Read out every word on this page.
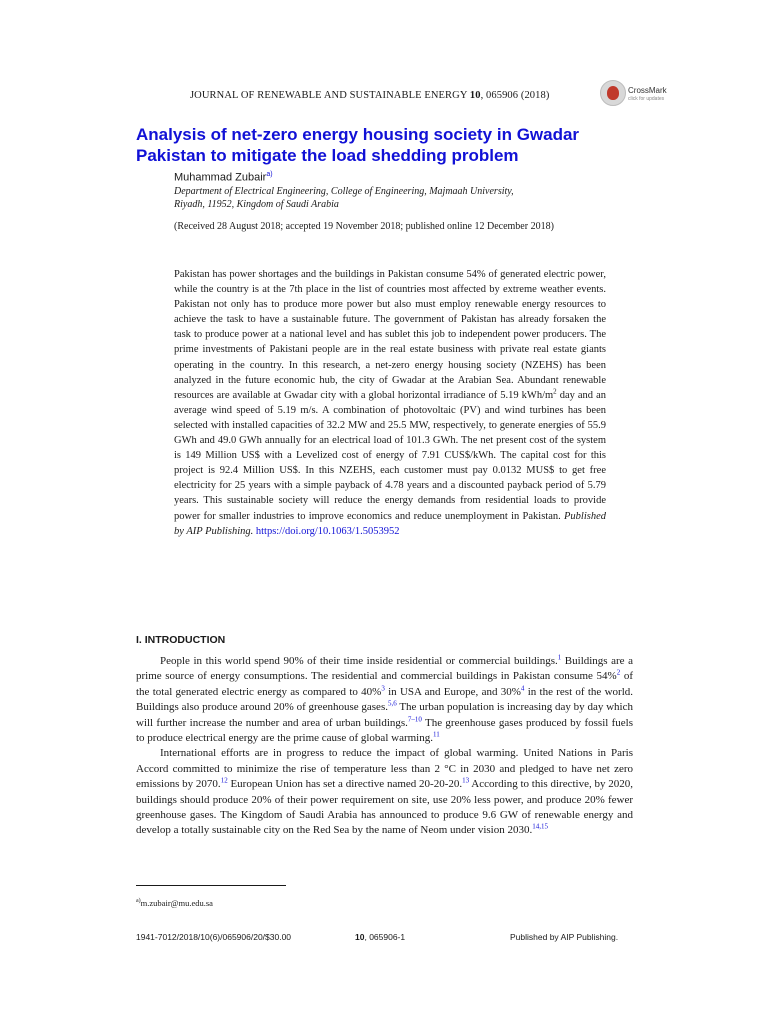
JOURNAL OF RENEWABLE AND SUSTAINABLE ENERGY 10, 065906 (2018)	CrossMark
click for updates
Analysis of net-zero energy housing society in Gwadar Pakistan to mitigate the load shedding problem
Muhammad Zubair$^{a)}$
Department of Electrical Engineering, College of Engineering, Majmaah University,
Riyadh, 11952, Kingdom of Saudi Arabia
(Received 28 August 2018; accepted 19 November 2018; published online 12 December 2018)
Pakistan has power shortages and the buildings in Pakistan consume 54% of generated electric power, while the country is at the 7th place in the list of countries most affected by extreme weather events. Pakistan not only has to produce more power but also must employ renewable energy resources to achieve the task to have a sustainable future. The government of Pakistan has already forsaken the task to produce power at a national level and has sublet this job to independent power producers. The prime investments of Pakistani people are in the real estate business with private real estate giants operating in the country. In this research, a net-zero energy housing society (NZEHS) has been analyzed in the future economic hub, the city of Gwadar at the Arabian Sea. Abundant renewable resources are available at Gwadar city with a global horizontal irradiance of 5.19 kWh/$m^2$ day and an average wind speed of 5.19 m/s. A combination of photovoltaic (PV) and wind turbines has been selected with installed capacities of 32.2 MW and 25.5 MW, respectively, to generate energies of 55.9 GWh and 49.0 GWh annually for an electrical load of 101.3 GWh. The net present cost of the system is 149 Million US$ with a Levelized cost of energy of 7.91 CUS$/kWh. The capital cost for this project is 92.4 Million US$. In this NZEHS, each customer must pay 0.0132 MUS$ to get free electricity for 25 years with a simple payback of 4.78 years and a discounted payback period of 5.79 years. This sustainable society will reduce the energy demands from residential loads to provide power for smaller industries to improve economics and reduce unemployment in Pakistan. Published by AIP Publishing. https://doi.org/10.1063/1.5053952
I. INTRODUCTION

People in this world spend 90% of their time inside residential or commercial buildings.$^1$ Buildings are a prime source of energy consumptions. The residential and commercial buildings in Pakistan consume 54%$^2$ of the total generated electric energy as compared to 40%$^3$ in USA and Europe, and 30%$^4$ in the rest of the world. Buildings also produce around 20% of greenhouse gases.$^{5,6}$ The urban population is increasing day by day which will further increase the number and area of urban buildings.$^{7-10}$ The greenhouse gases produced by fossil fuels to produce electrical energy are the prime cause of global warming.$^{11}$

International efforts are in progress to reduce the impact of global warming. United Nations in Paris Accord committed to minimize the rise of temperature less than 2 °C in 2030 and pledged to have net zero emissions by 2070.12 European Union has set a directive named 20-20-20.13 According to this directive, by 2020, buildings should produce 20% of their power requirement on site, use 20% less power, and produce 20% fewer greenhouse gases. The Kingdom of Saudi Arabia has announced to produce 9.6 GW of renewable energy and develop a totally sustainable city on the Red Sea by the name of Neom under vision 2030.$^{14,15}$

$^{a)}$m.zubair@mu.edu.sa
1941-7012/2018/10(6)/065906/20/$30.00	10, 065906-1	Published by AIP Publishing.
